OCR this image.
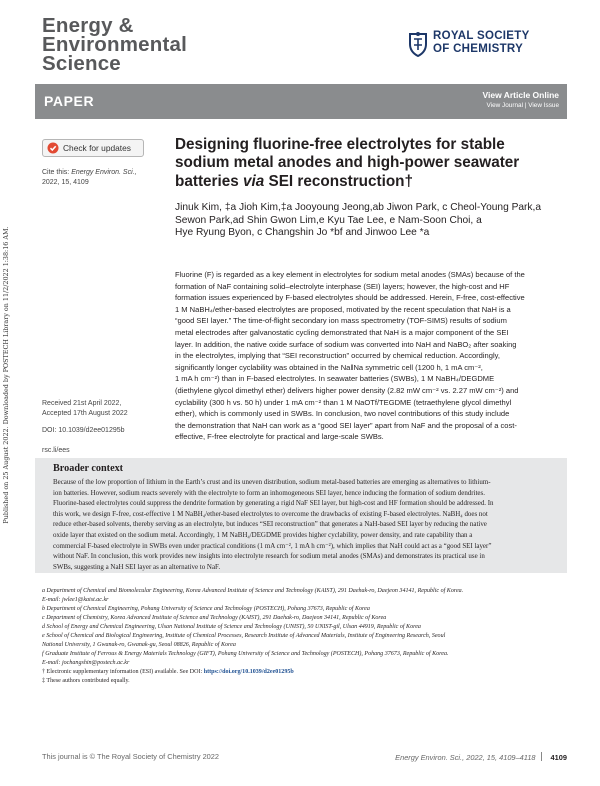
Published on 25 August 2022. Downloaded by POSTECH Library on 11/2/2022 1:38:16 AM.
Energy &
Environmental
Science
ROYAL SOCIETY
OF CHEMISTRY
PAPER	View Article Online
View Journal | View Issue
Check for updates
Cite this: Energy Environ. Sci.,
2022, 15, 4109
Designing fluorine-free electrolytes for stable
sodium metal anodes and high-power seawater
batteries via SEI reconstruction†
Jinuk Kim, ‡a Jioh Kim,‡a Jooyoung Jeong,ab Jiwon Park, c Cheol-Young Park,a
Sewon Park,ad Shin Gwon Lim,e Kyu Tae Lee, e Nam-Soon Choi, a
Hye Ryung Byon, c Changshin Jo *bf and Jinwoo Lee *a
Fluorine (F) is regarded as a key element in electrolytes for sodium metal anodes (SMAs) because of the
formation of NaF containing solid–electrolyte interphase (SEI) layers; however, the high-cost and HF
formation issues experienced by F-based electrolytes should be addressed. Herein, F-free, cost-effective
1 M NaBH₄/ether-based electrolytes are proposed, motivated by the recent speculation that NaH is a
“good SEI layer.” The time-of-flight secondary ion mass spectrometry (TOF-SIMS) results of sodium
metal electrodes after galvanostatic cycling demonstrated that NaH is a major component of the SEI
layer. In addition, the native oxide surface of sodium was converted into NaH and NaBO₂ after soaking
in the electrolytes, implying that “SEI reconstruction” occurred by chemical reduction. Accordingly,
significantly longer cyclability was obtained in the Na‖Na symmetric cell (1200 h, 1 mA cm⁻²,
1 mA h cm⁻²) than in F-based electrolytes. In seawater batteries (SWBs), 1 M NaBH₄/DEGDME
(diethylene glycol dimethyl ether) delivers higher power density (2.82 mW cm⁻² vs. 2.27 mW cm⁻²) and
cyclability (300 h vs. 50 h) under 1 mA cm⁻² than 1 M NaOTf/TEGDME (tetraethylene glycol dimethyl
ether), which is commonly used in SWBs. In conclusion, two novel contributions of this study include
the demonstration that NaH can work as a “good SEI layer” apart from NaF and the proposal of a cost-
effective, F-free electrolyte for practical and large-scale SWBs.
Received 21st April 2022,
Accepted 17th August 2022
DOI: 10.1039/d2ee01295b
rsc.li/ees
Broader context
Because of the low proportion of lithium in the Earth’s crust and its uneven distribution, sodium metal-based batteries are emerging as alternatives to lithium-
ion batteries. However, sodium reacts severely with the electrolyte to form an inhomogeneous SEI layer, hence inducing the formation of sodium dendrites.
Fluorine-based electrolytes could suppress the dendrite formation by generating a rigid NaF SEI layer, but high-cost and HF formation should be addressed. In
this work, we design F-free, cost-effective 1 M NaBH₄/ether-based electrolytes to overcome the drawbacks of existing F-based electrolytes. NaBH₄ does not
reduce ether-based solvents, thereby serving as an electrolyte, but induces “SEI reconstruction” that generates a NaH-based SEI layer by reducing the native
oxide layer that existed on the sodium metal. Accordingly, 1 M NaBH₄/DEGDME provides higher cyclability, power density, and rate capability than a
commercial F-based electrolyte in SWBs even under practical conditions (1 mA cm⁻², 1 mA h cm⁻²), which implies that NaH could act as a “good SEI layer”
without NaF. In conclusion, this work provides new insights into electrolyte research for sodium metal anodes (SMAs) and demonstrates its practical use in
SWBs, suggesting a NaH SEI layer as an alternative to NaF.
a Department of Chemical and Biomolecular Engineering, Korea Advanced Institute of Science and Technology (KAIST), 291 Daehak-ro, Daejeon 34141, Republic of Korea.
E-mail: jwlee1@kaist.ac.kr
b Department of Chemical Engineering, Pohang University of Science and Technology (POSTECH), Pohang 37673, Republic of Korea
c Department of Chemistry, Korea Advanced Institute of Science and Technology (KAIST), 291 Daehak-ro, Daejeon 34141, Republic of Korea
d School of Energy and Chemical Engineering, Ulsan National Institute of Science and Technology (UNIST), 50 UNIST-gil, Ulsan 44919, Republic of Korea
e School of Chemical and Biological Engineering, Institute of Chemical Processes, Research Institute of Advanced Materials, Institute of Engineering Research, Seoul
National University, 1 Gwanak-ro, Gwanak-gu, Seoul 08826, Republic of Korea
f Graduate Institute of Ferrous & Energy Materials Technology (GIFT), Pohang University of Science and Technology (POSTECH), Pohang 37673, Republic of Korea.
E-mail: jochangshin@postech.ac.kr
† Electronic supplementary information (ESI) available. See DOI: https://doi.org/10.1039/d2ee01295b
‡ These authors contributed equally.
This journal is © The Royal Society of Chemistry 2022	Energy Environ. Sci., 2022, 15, 4109–4118 4109
